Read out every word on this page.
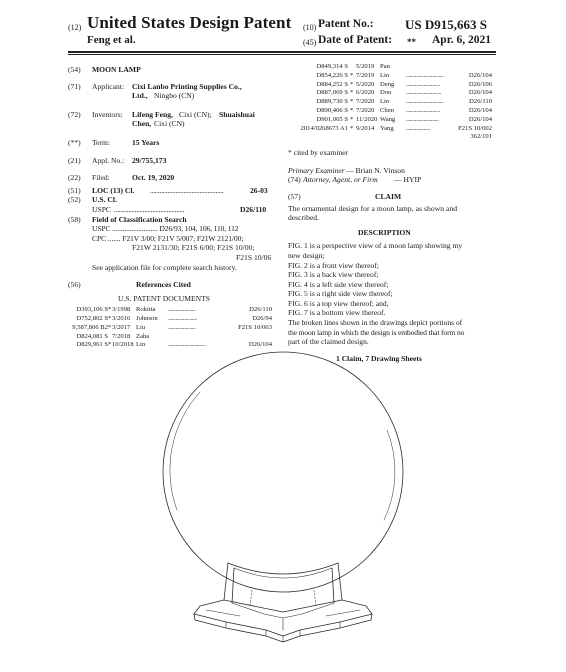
(12) United States Design Patent (10) Patent No.: US D915,663 S
Feng et al.	(45) Date of Patent: ** Apr. 6, 2021
(54) MOON LAMP
(71) Applicant: Cixi Lanbo Printing Supplies Co.,
Ltd., Ningbo (CN)
(72) Inventors: Lifeng Feng, Cixi (CN); Shuaishuai
Chen, Cixi (CN)
(**) Term:	15 Years
(21) Appl. No.: 29/755,173
(22) Filed:	Oct. 19, 2020
(51) LOC (13) Cl. ..............................................	26-03
(52) U.S. Cl.
USPC ............................................	D26/110
(58) Field of Classification Search
USPC .......................... D26/93, 104, 106, 110, 112
CPC ....... F21V 3/00; F21V 5/007; F21W 2121/00;
F21W 2131/30; F21S 6/00; F21S 10/00;
F21S 10/06
See application file for complete search history.
(56)	References Cited
U.S. PATENT DOCUMENTS
D393,106 S * 3/1998 Rokitta ......................	D26/110
D752,802 S * 3/2016 Johnson .......................	D26/94
9,587,806 B2 * 3/2017 Liu	......................	F21S 10/063
D824,081 S 7/2018 Zaha
D829,961 S * 10/2018 Lin	..............................	D26/104
D849,314 S 5/2019 Pan
D854,226 S * 7/2019 Lin	..............................	D26/104
D884,252 S * 5/2020 Deng ...........................	D26/106
D887,069 S * 6/2020 Dou ............................	D26/104
D889,730 S * 7/2020 Lin	..............................	D26/110
D890,406 S * 7/2020 Chen ...........................	D26/104
D901,065 S * 11/2020 Wang ..........................	D26/104
2014/0268673 A1 * 9/2014 Yang ...................	F21S 10/002
362/101
* cited by examiner
Primary Examiner — Brian N. Vinson
(74) Attorney, Agent, or Firm — HYIP
(57)	CLAIM
The ornamental design for a moon lamp, as shown and
described.
DESCRIPTION
FIG. 1 is a perspective view of a moon lamp showing my
new design;
FIG. 2 is a front view thereof;
FIG. 3 is a back view thereof;
FIG. 4 is a left side view thereof;
FIG. 5 is a right side view thereof;
FIG. 6 is a top view thereof; and,
FIG. 7 is a bottom view thereof.
The broken lines shown in the drawings depict portions of
the moon lamp in which the design is embodied that form no
part of the claimed design.
1 Claim, 7 Drawing Sheets
